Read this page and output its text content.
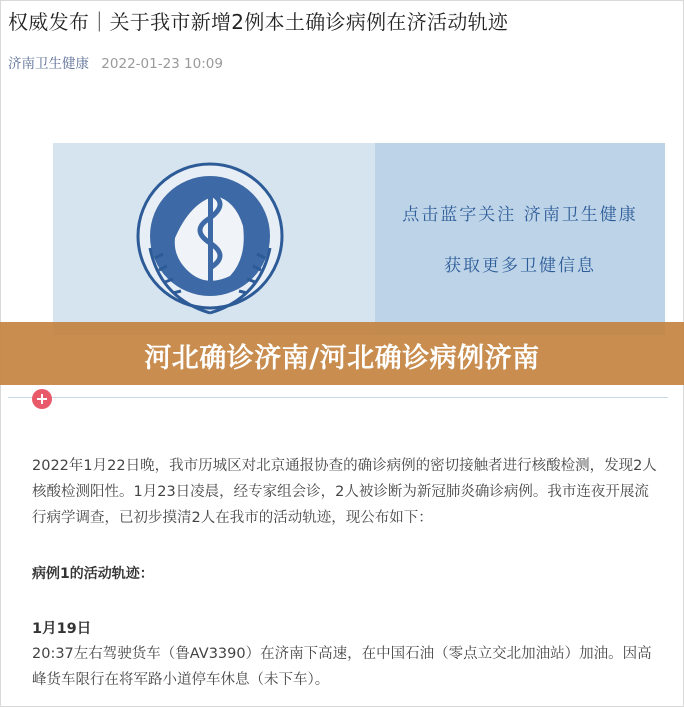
权威发布｜关于我市新增2例本土确诊病例在济活动轨迹
济南卫生健康 2022-01-23 10:09
点击蓝字关注 济南卫生健康
获取更多卫健信息
河北确诊济南/河北确诊病例济南

2022年1月22日晚，我市历城区对北京通报协查的确诊病例的密切接触者进行核酸检测，发现2人核酸检测阳性。1月23日凌晨，经专家组会诊，2人被诊断为新冠肺炎确诊病例。我市连夜开展流行病学调查，已初步摸清2人在我市的活动轨迹，现公布如下：

病例1的活动轨迹：
1月19日

20:37左右驾驶货车（鲁AV3390）在济南下高速，在中国石油（零点立交北加油站）加油。因高峰货车限行在将军路小道停车休息（未下车）。
